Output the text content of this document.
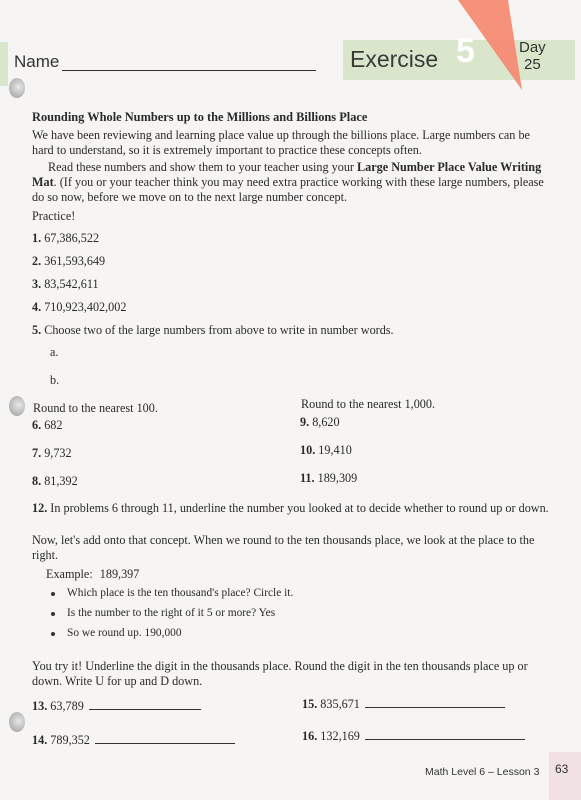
Name	Exercise 5	Day
25
Rounding Whole Numbers up to the Millions and Billions Place
We have been reviewing and learning place value up through the billions place. Large numbers can be hard to understand, so it is extremely important to practice these concepts often.
Read these numbers and show them to your teacher using your Large Number Place Value Writing Mat. (If you or your teacher think you may need extra practice working with these large numbers, please do so now, before we move on to the next large number concept.
Practice!
1. 67,386,522
2. 361,593,649
3. 83,542,611
4. 710,923,402,002
5. Choose two of the large numbers from above to write in number words.
a.
b.
Round to the nearest 100.	Round to the nearest 1,000.
6. 682
7. 9,732
8. 81,392
9. 8,620
10. 19,410
11. 189,309
12. In problems 6 through 11, underline the number you looked at to decide whether to round up or down.
Now, let's add onto that concept. When we round to the ten thousands place, we look at the place to the right.
Example: 189,397
Which place is the ten thousand's place? Circle it.
Is the number to the right of it 5 or more? Yes
So we round up. 190,000
You try it! Underline the digit in the thousands place. Round the digit in the ten thousands place up or down. Write U for up and D down.
13. 63,789
14. 789,352
15. 835,671
16. 132,169
Math Level 6 – Lesson 3 63
